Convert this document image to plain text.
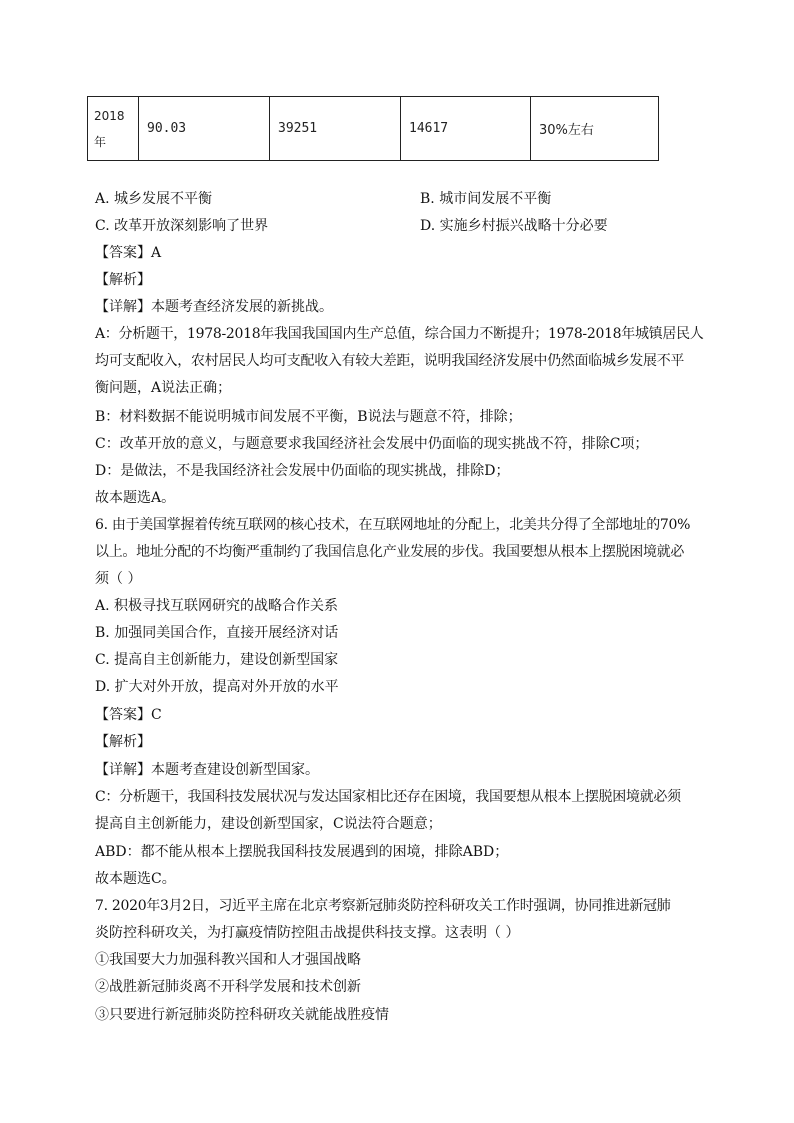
2018年	90.03	39251	14617	30%左右
A. 城乡发展不平衡	B. 城市间发展不平衡
C. 改革开放深刻影响了世界	D. 实施乡村振兴战略十分必要
【答案】A
【解析】
【详解】本题考查经济发展的新挑战。
A：分析题干，1978-2018年我国我国国内生产总值，综合国力不断提升；1978-2018年城镇居民人
均可支配收入，农村居民人均可支配收入有较大差距，说明我国经济发展中仍然面临城乡发展不平
衡问题，A说法正确；
B：材料数据不能说明城市间发展不平衡，B说法与题意不符，排除；
C：改革开放的意义，与题意要求我国经济社会发展中仍面临的现实挑战不符，排除C项；
D：是做法，不是我国经济社会发展中仍面临的现实挑战，排除D；
故本题选A。
6. 由于美国掌握着传统互联网的核心技术，在互联网地址的分配上，北美共分得了全部地址的70%
以上。地址分配的不均衡严重制约了我国信息化产业发展的步伐。我国要想从根本上摆脱困境就必
须（ ）
A. 积极寻找互联网研究的战略合作关系
B. 加强同美国合作，直接开展经济对话
C. 提高自主创新能力，建设创新型国家
D. 扩大对外开放，提高对外开放的水平
【答案】C
【解析】
【详解】本题考查建设创新型国家。
C：分析题干，我国科技发展状况与发达国家相比还存在困境，我国要想从根本上摆脱困境就必须
提高自主创新能力，建设创新型国家，C说法符合题意；
ABD：都不能从根本上摆脱我国科技发展遇到的困境，排除ABD；
故本题选C。
7. 2020年3月2日，习近平主席在北京考察新冠肺炎防控科研攻关工作时强调，协同推进新冠肺
炎防控科研攻关，为打赢疫情防控阻击战提供科技支撑。这表明（ ）
①我国要大力加强科教兴国和人才强国战略
②战胜新冠肺炎离不开科学发展和技术创新
③只要进行新冠肺炎防控科研攻关就能战胜疫情
